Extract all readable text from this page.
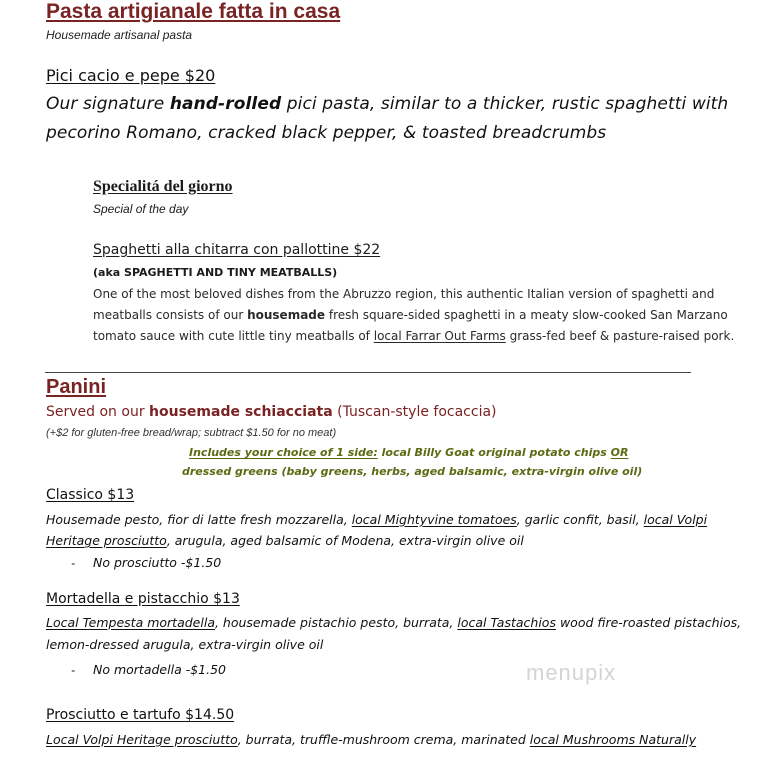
Pasta artigianale fatta in casa
Housemade artisanal pasta
Pici cacio e pepe $20
Our signature hand-rolled pici pasta, similar to a thicker, rustic spaghetti with
pecorino Romano, cracked black pepper, & toasted breadcrumbs
Specialitá del giorno
Special of the day
Spaghetti alla chitarra con pallottine $22
(aka SPAGHETTI AND TINY MEATBALLS)
One of the most beloved dishes from the Abruzzo region, this authentic Italian version of spaghetti and
meatballs consists of our housemade fresh square-sided spaghetti in a meaty slow-cooked San Marzano
tomato sauce with cute little tiny meatballs of local Farrar Out Farms grass-fed beef & pasture-raised pork.
Panini
Served on our housemade schiacciata (Tuscan-style focaccia)
(+$2 for gluten-free bread/wrap; subtract $1.50 for no meat)
Includes your choice of 1 side: local Billy Goat original potato chips OR
dressed greens (baby greens, herbs, aged balsamic, extra-virgin olive oil)
Classico $13
Housemade pesto, fior di latte fresh mozzarella, local Mightyvine tomatoes, garlic confit, basil, local Volpi
Heritage prosciutto, arugula, aged balsamic of Modena, extra-virgin olive oil
- No prosciutto -$1.50
Mortadella e pistacchio $13
Local Tempesta mortadella, housemade pistachio pesto, burrata, local Tastachios wood fire-roasted pistachios,
lemon-dressed arugula, extra-virgin olive oil
- No mortadella -$1.50
Prosciutto e tartufo $14.50
Local Volpi Heritage prosciutto, burrata, truffle-mushroom crema, marinated local Mushrooms Naturally
menupix
